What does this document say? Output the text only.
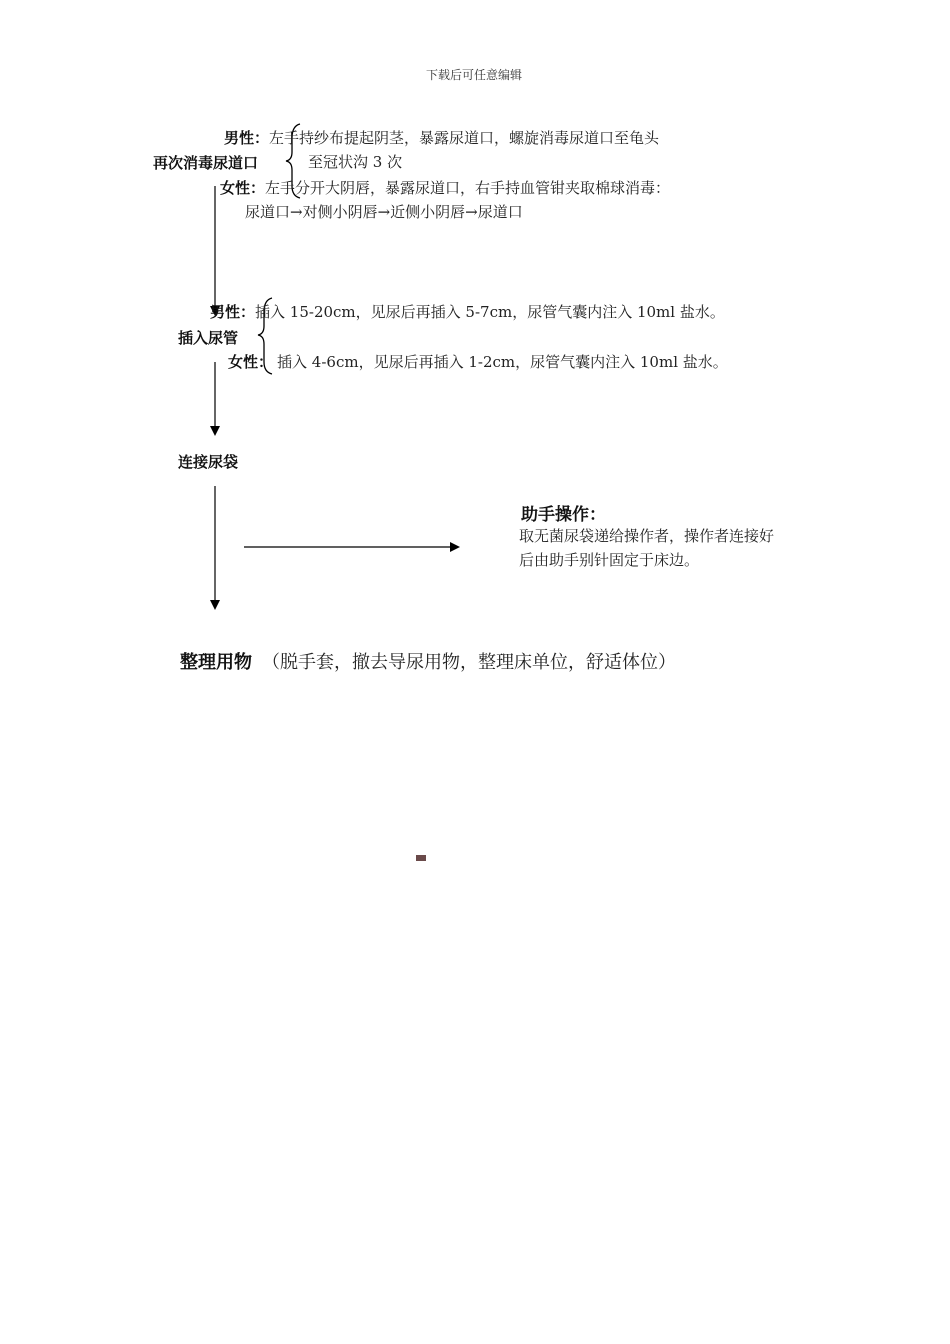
下载后可任意编辑
再次消毒尿道口
男性：左手持纱布提起阴茎，暴露尿道口，螺旋消毒尿道口至龟头
至冠状沟 3 次
女性：左手分开大阴唇，暴露尿道口，右手持血管钳夹取棉球消毒：
尿道口→对侧小阴唇→近侧小阴唇→尿道口
插入尿管
男性：插入 15-20cm，见尿后再插入 5-7cm，尿管气囊内注入 10ml 盐水。
女性： 插入 4-6cm，见尿后再插入 1-2cm，尿管气囊内注入 10ml 盐水。
连接尿袋
助手操作：
取无菌尿袋递给操作者，操作者连接好
后由助手别针固定于床边。
整理用物 （脱手套，撤去导尿用物，整理床单位，舒适体位）
